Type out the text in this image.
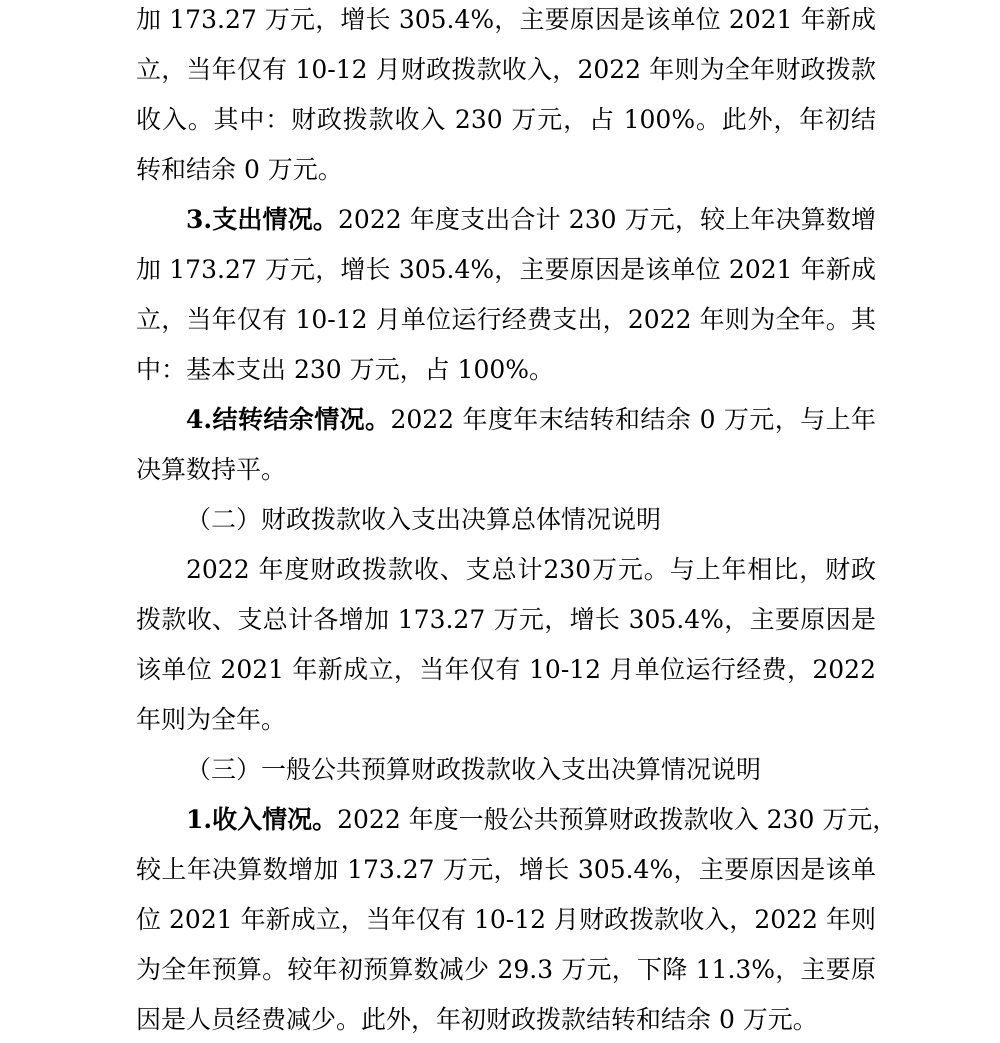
加 173.27 万元，增长 305.4%，主要原因是该单位 2021 年新成
立，当年仅有 10-12 月财政拨款收入，2022 年则为全年财政拨款
收入。其中：财政拨款收入 230 万元，占 100%。此外，年初结
转和结余 0 万元。
3.支出情况。2022 年度支出合计 230 万元，较上年决算数增
加 173.27 万元，增长 305.4%，主要原因是该单位 2021 年新成
立，当年仅有 10-12 月单位运行经费支出，2022 年则为全年。其
中：基本支出 230 万元，占 100%。
4.结转结余情况。2022 年度年末结转和结余 0 万元，与上年
决算数持平。
（二）财政拨款收入支出决算总体情况说明
2022 年度财政拨款收、支总计230万元。与上年相比，财政
拨款收、支总计各增加 173.27 万元，增长 305.4%，主要原因是
该单位 2021 年新成立，当年仅有 10-12 月单位运行经费，2022
年则为全年。
（三）一般公共预算财政拨款收入支出决算情况说明
1.收入情况。2022 年度一般公共预算财政拨款收入 230 万元，
较上年决算数增加 173.27 万元，增长 305.4%，主要原因是该单
位 2021 年新成立，当年仅有 10-12 月财政拨款收入，2022 年则
为全年预算。较年初预算数减少 29.3 万元，下降 11.3%，主要原
因是人员经费减少。此外，年初财政拨款结转和结余 0 万元。
